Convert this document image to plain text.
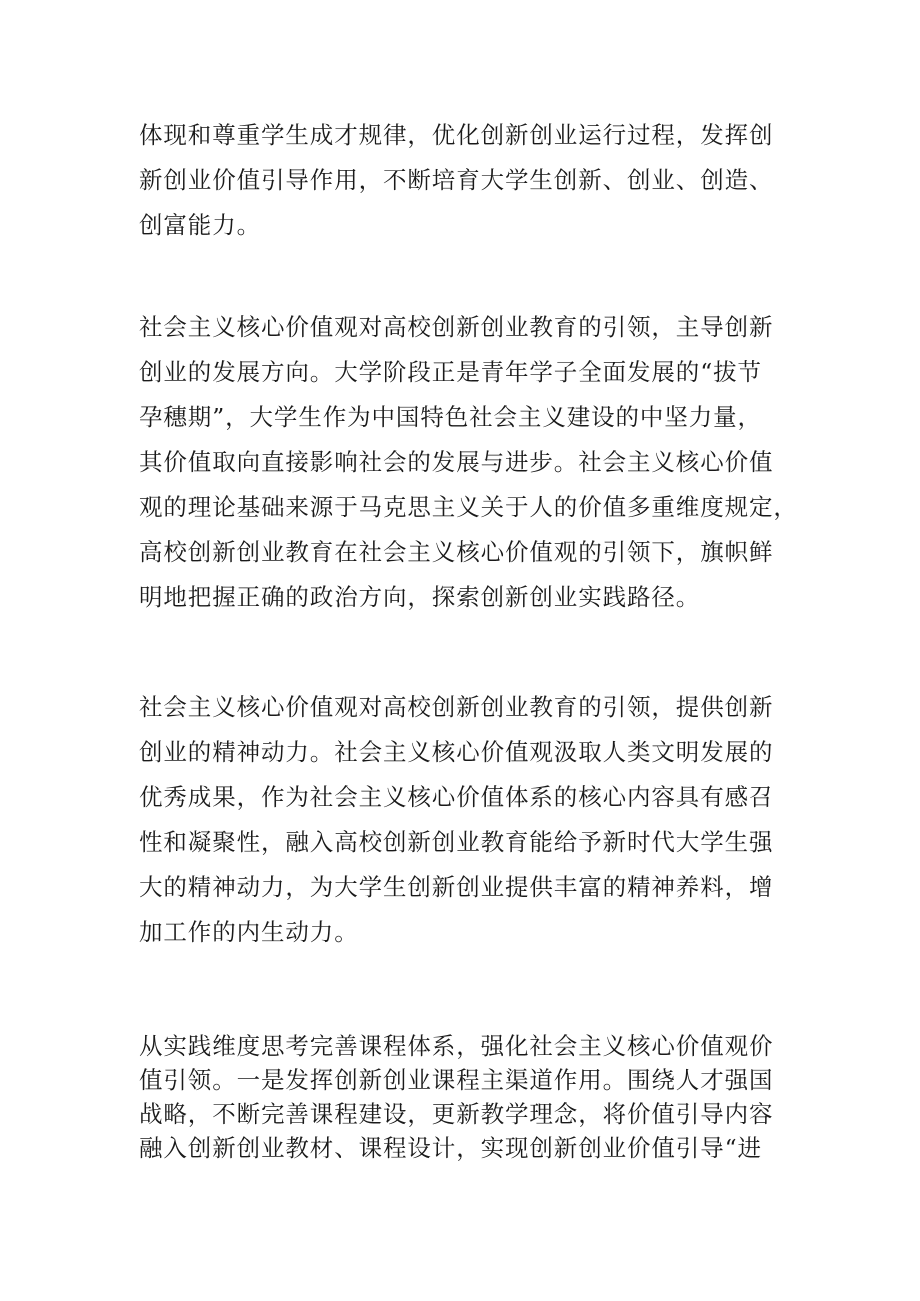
体现和尊重学生成才规律，优化创新创业运行过程，发挥创
新创业价值引导作用，不断培育大学生创新、创业、创造、
创富能力。

社会主义核心价值观对高校创新创业教育的引领，主导创新
创业的发展方向。大学阶段正是青年学子全面发展的“拔节
孕穗期”，大学生作为中国特色社会主义建设的中坚力量，
其价值取向直接影响社会的发展与进步。社会主义核心价值
观的理论基础来源于马克思主义关于人的价值多重维度规定，
高校创新创业教育在社会主义核心价值观的引领下，旗帜鲜
明地把握正确的政治方向，探索创新创业实践路径。

社会主义核心价值观对高校创新创业教育的引领，提供创新
创业的精神动力。社会主义核心价值观汲取人类文明发展的
优秀成果，作为社会主义核心价值体系的核心内容具有感召
性和凝聚性，融入高校创新创业教育能给予新时代大学生强
大的精神动力，为大学生创新创业提供丰富的精神养料，增
加工作的内生动力。

从实践维度思考完善课程体系，强化社会主义核心价值观价
值引领。一是发挥创新创业课程主渠道作用。围绕人才强国
战略，不断完善课程建设，更新教学理念，将价值引导内容
融入创新创业教材、课程设计，实现创新创业价值引导“进
